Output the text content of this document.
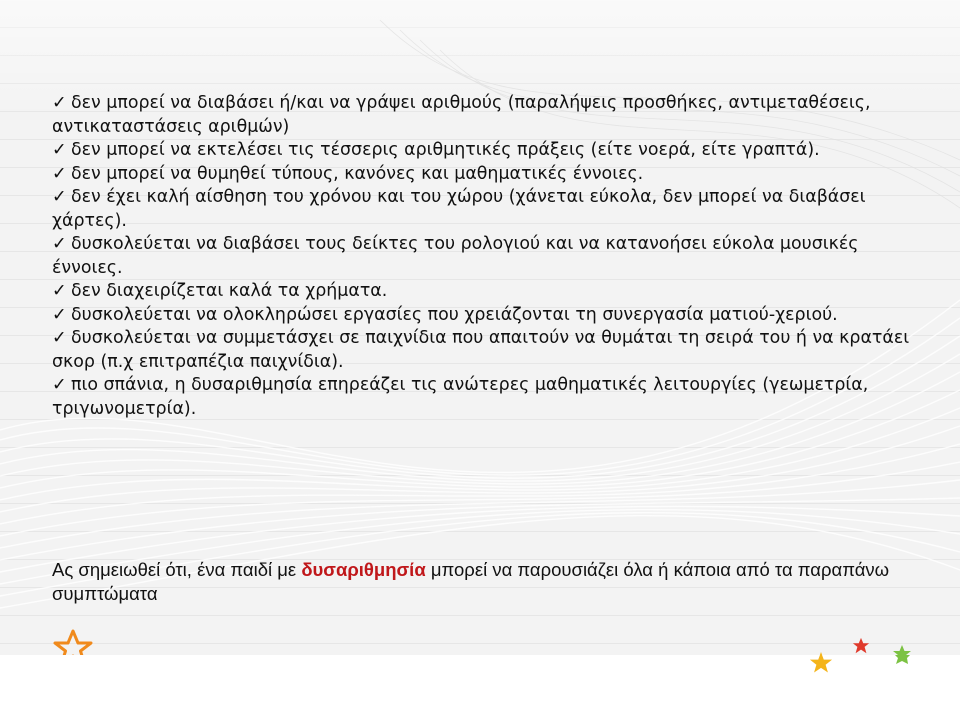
✓ δεν μπορεί να διαβάσει ή/και να γράψει αριθμούς (παραλήψεις προσθήκες, αντιμεταθέσεις, αντικαταστάσεις αριθμών)
✓ δεν μπορεί να εκτελέσει τις τέσσερις αριθμητικές πράξεις (είτε νοερά, είτε γραπτά).
✓ δεν μπορεί να θυμηθεί τύπους, κανόνες και μαθηματικές έννοιες.
✓ δεν έχει καλή αίσθηση του χρόνου και του χώρου (χάνεται εύκολα, δεν μπορεί να διαβάσει χάρτες).
✓ δυσκολεύεται να διαβάσει τους δείκτες του ρολογιού και να κατανοήσει εύκολα μουσικές έννοιες.
✓ δεν διαχειρίζεται καλά τα χρήματα.
✓ δυσκολεύεται να ολοκληρώσει εργασίες που χρειάζονται τη συνεργασία ματιού-χεριού.
✓ δυσκολεύεται να συμμετάσχει σε παιχνίδια που απαιτούν να θυμάται τη σειρά του ή να κρατάει σκορ (π.χ επιτραπέζια παιχνίδια).
✓ πιο σπάνια, η δυσαριθμησία επηρεάζει τις ανώτερες μαθηματικές λειτουργίες (γεωμετρία, τριγωνομετρία).

Ας σημειωθεί ότι, ένα παιδί με δυσαριθμησία μπορεί να παρουσιάζει όλα ή κάποια από τα παραπάνω συμπτώματα
